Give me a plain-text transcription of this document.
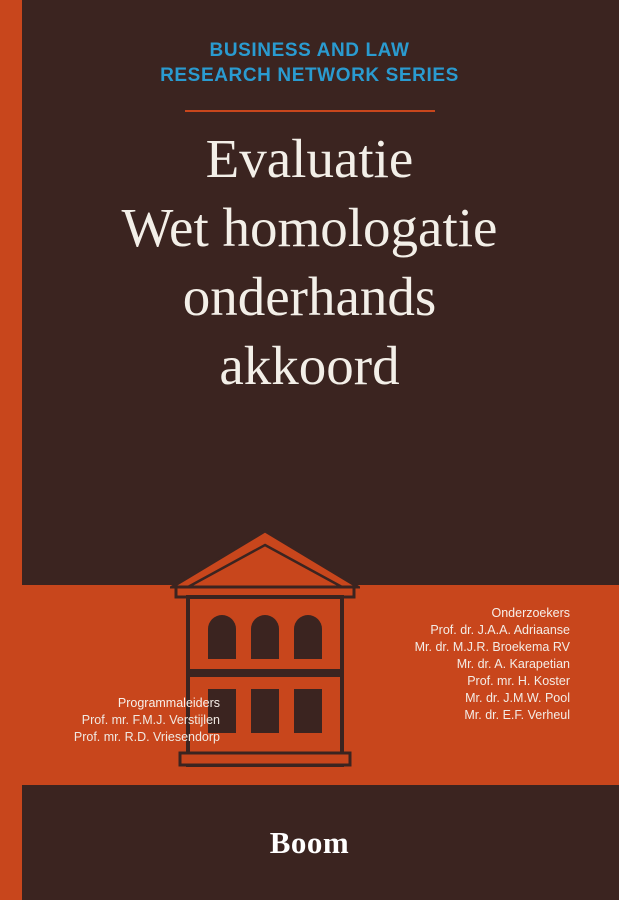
BUSINESS AND LAW
RESEARCH NETWORK SERIES
Evaluatie
Wet homologatie
onderhands
akkoord
Programmaleiders
Prof. mr. F.M.J. Verstijlen
Prof. mr. R.D. Vriesendorp
Onderzoekers
Prof. dr. J.A.A. Adriaanse
Mr. dr. M.J.R. Broekema RV
Mr. dr. A. Karapetian
Prof. mr. H. Koster
Mr. dr. J.M.W. Pool
Mr. dr. E.F. Verheul
Boom
